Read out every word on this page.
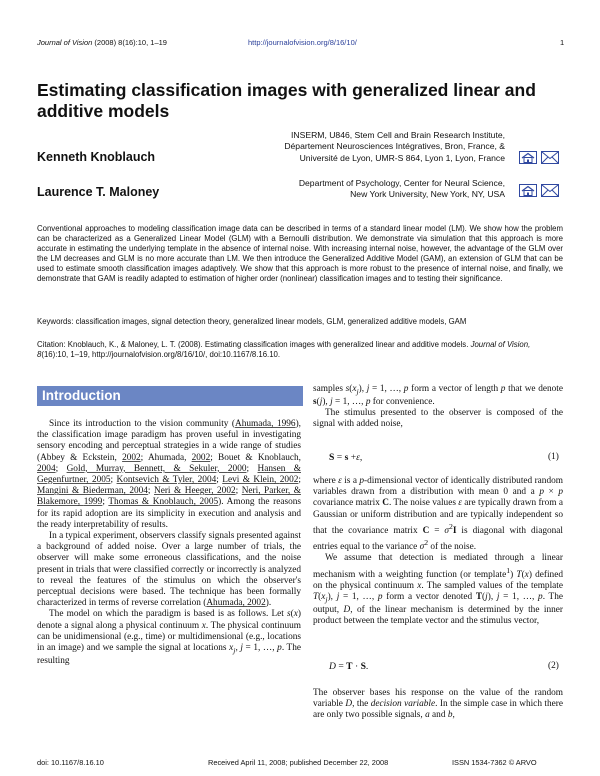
Journal of Vision (2008) 8(16):10, 1–19	http://journalofvision.org/8/16/10/	1
Estimating classification images with generalized linear and additive models
INSERM, U846, Stem Cell and Brain Research Institute,
Département Neurosciences Intégratives, Bron, France, &
Université de Lyon, UMR-S 864, Lyon 1, Lyon, France
Kenneth Knoblauch
Department of Psychology, Center for Neural Science,
New York University, New York, NY, USA
Laurence T. Maloney
Conventional approaches to modeling classification image data can be described in terms of a standard linear model (LM). We show how the problem can be characterized as a Generalized Linear Model (GLM) with a Bernoulli distribution. We demonstrate via simulation that this approach is more accurate in estimating the underlying template in the absence of internal noise. With increasing internal noise, however, the advantage of the GLM over the LM decreases and GLM is no more accurate than LM. We then introduce the Generalized Additive Model (GAM), an extension of GLM that can be used to estimate smooth classification images adaptively. We show that this approach is more robust to the presence of internal noise, and finally, we demonstrate that GAM is readily adapted to estimation of higher order (nonlinear) classification images and to testing their significance.
Keywords: classification images, signal detection theory, generalized linear models, GLM, generalized additive models, GAM
Citation: Knoblauch, K., & Maloney, L. T. (2008). Estimating classification images with generalized linear and additive models. Journal of Vision, 8(16):10, 1–19, http://journalofvision.org/8/16/10/, doi:10.1167/8.16.10.
Introduction

Since its introduction to the vision community (Ahumada, 1996), the classification image paradigm has proven useful in investigating sensory encoding and perceptual strategies in a wide range of studies (Abbey & Eckstein, 2002; Ahumada, 2002; Bouet & Knoblauch, 2004; Gold, Murray, Bennett, & Sekuler, 2000; Hansen & Gegenfurtner, 2005; Kontsevich & Tyler, 2004; Levi & Klein, 2002; Mangini & Biederman, 2004; Neri & Heeger, 2002; Neri, Parker, & Blakemore, 1999; Thomas & Knoblauch, 2005). Among the reasons for its rapid adoption are its simplicity in execution and analysis and the ready interpretability of results.

In a typical experiment, observers classify signals presented against a background of added noise. Over a large number of trials, the observer will make some erroneous classifications, and the noise present in trials that were classified correctly or incorrectly is analyzed to reveal the features of the stimulus on which the observer's perceptual decisions were based. The technique has been formally characterized in terms of reverse correlation (Ahumada, 2002).

The model on which the paradigm is based is as follows. Let s(x) denote a signal along a physical continuum x. The physical continuum can be unidimensional (e.g., time) or multidimensional (e.g., locations in an image) and we sample the signal at locations $x_j$, j = 1, …, p. The resulting

samples $s(x_j)$, j = 1, …, p form a vector of length p that we denote s(j), j = 1, …, p for convenience.

The stimulus presented to the observer is composed of the signal with added noise,

S = s +ε,	(1)

where ε is a p-dimensional vector of identically distributed random variables drawn from a distribution with mean 0 and a p × p covariance matrix C. The noise values ε are typically drawn from a Gaussian or uniform distribution and are typically independent so that the covariance matrix $C = \sigma^2I$ is diagonal with diagonal entries equal to the variance $\sigma^2$ of the noise.

We assume that detection is mediated through a linear mechanism with a weighting function (or template$^1$) T(x) defined on the physical continuum x. The sampled values of the template $T(x_j)$, j = 1, …, p form a vector denoted T(j), j = 1, …, p. The output, D, of the linear mechanism is determined by the inner product between the template vector and the stimulus vector,

D = T · S.	(2)

The observer bases his response on the value of the random variable D, the decision variable. In the simple case in which there are only two possible signals, a and b,

doi: 10.1167/8.16.10	Received April 11, 2008; published December 22, 2008	ISSN 1534-7362 © ARVO
